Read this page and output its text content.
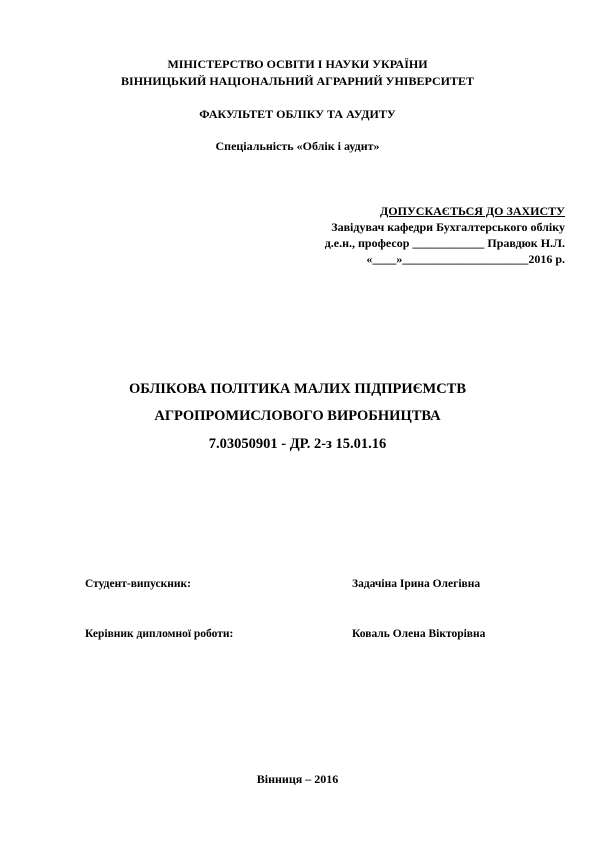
МІНІСТЕРСТВО ОСВІТИ І НАУКИ УКРАЇНИ
ВІННИЦЬКИЙ НАЦІОНАЛЬНИЙ АГРАРНИЙ УНІВЕРСИТЕТ
ФАКУЛЬТЕТ ОБЛІКУ ТА АУДИТУ
Спеціальність «Облік і аудит»
ДОПУСКАЄТЬСЯ ДО ЗАХИСТУ
Завідувач кафедри Бухгалтерського обліку
д.е.н., професор ____________ Правдюк Н.Л.
«____»_____________________2016 р.
ОБЛІКОВА ПОЛІТИКА МАЛИХ ПІДПРИЄМСТВ
АГРОПРОМИСЛОВОГО ВИРОБНИЦТВА
7.03050901 - ДР. 2-з 15.01.16
Студент-випускник:	Задачіна Ірина Олегівна
Керівник дипломної роботи:	Коваль Олена Вікторівна
Вінниця – 2016
